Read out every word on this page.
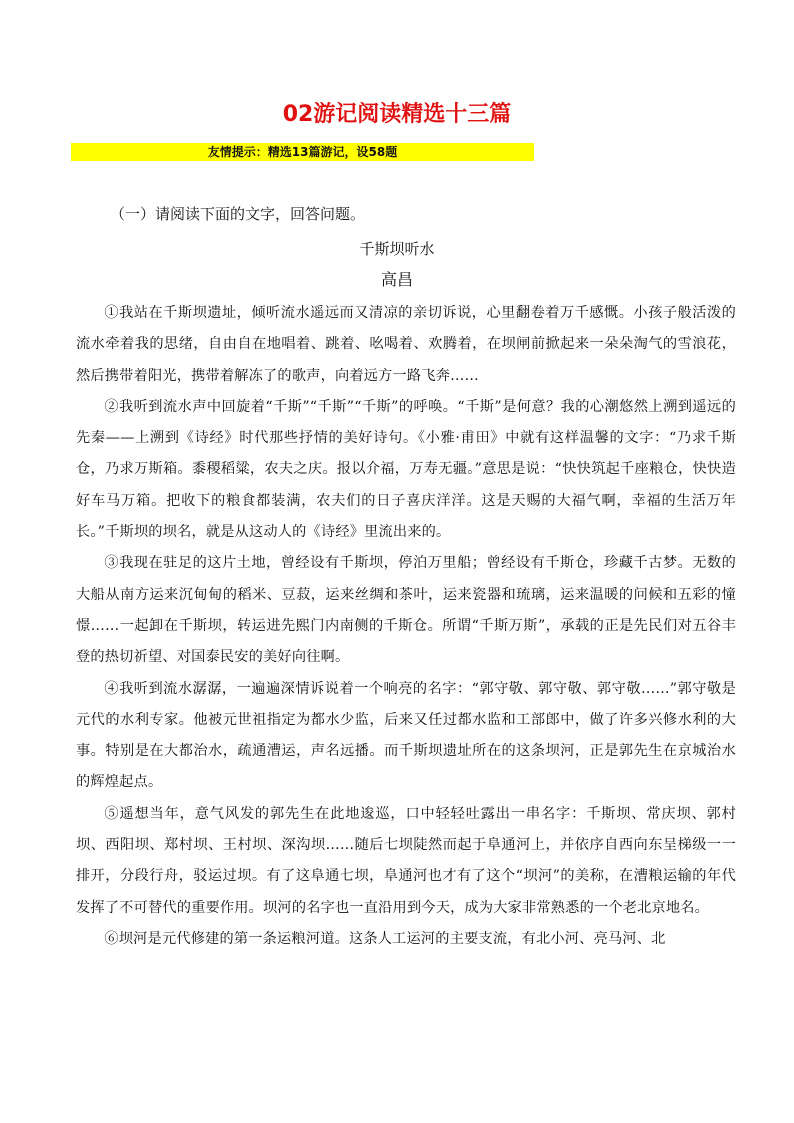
02游记阅读精选十三篇
友情提示：精选13篇游记，设58题
（一）请阅读下面的文字，回答问题。
千斯坝听水
高昌

①我站在千斯坝遗址，倾听流水遥远而又清凉的亲切诉说，心里翻卷着万千感慨。小孩子般活泼的流水牵着我的思绪，自由自在地唱着、跳着、吆喝着、欢腾着，在坝闸前掀起来一朵朵淘气的雪浪花，然后携带着阳光，携带着解冻了的歌声，向着远方一路飞奔……

②我听到流水声中回旋着“千斯”“千斯”“千斯”的呼唤。“千斯”是何意？我的心潮悠然上溯到遥远的先秦——上溯到《诗经》时代那些抒情的美好诗句。《小雅·甫田》中就有这样温馨的文字：“乃求千斯仓，乃求万斯箱。黍稷稻粱，农夫之庆。报以介福，万寿无疆。”意思是说：“快快筑起千座粮仓，快快造好车马万箱。把收下的粮食都装满，农夫们的日子喜庆洋洋。这是天赐的大福气啊，幸福的生活万年长。”千斯坝的坝名，就是从这动人的《诗经》里流出来的。

③我现在驻足的这片土地，曾经设有千斯坝，停泊万里船；曾经设有千斯仓，珍藏千古梦。无数的大船从南方运来沉甸甸的稻米、豆菽，运来丝绸和茶叶，运来瓷器和琉璃，运来温暖的问候和五彩的憧憬……一起卸在千斯坝，转运进先熙门内南侧的千斯仓。所谓“千斯万斯”，承载的正是先民们对五谷丰登的热切祈望、对国泰民安的美好向往啊。

④我听到流水潺潺，一遍遍深情诉说着一个响亮的名字：“郭守敬、郭守敬、郭守敬……”郭守敬是元代的水利专家。他被元世祖指定为都水少监，后来又任过都水监和工部郎中，做了许多兴修水利的大事。特别是在大都治水，疏通漕运，声名远播。而千斯坝遗址所在的这条坝河，正是郭先生在京城治水的辉煌起点。

⑤遥想当年，意气风发的郭先生在此地逡巡，口中轻轻吐露出一串名字：千斯坝、常庆坝、郭村坝、西阳坝、郑村坝、王村坝、深沟坝……随后七坝陡然而起于阜通河上，并依序自西向东呈梯级一一排开，分段行舟，驳运过坝。有了这阜通七坝，阜通河也才有了这个“坝河”的美称，在漕粮运输的年代发挥了不可替代的重要作用。坝河的名字也一直沿用到今天，成为大家非常熟悉的一个老北京地名。

⑥坝河是元代修建的第一条运粮河道。这条人工运河的主要支流，有北小河、亮马河、北
